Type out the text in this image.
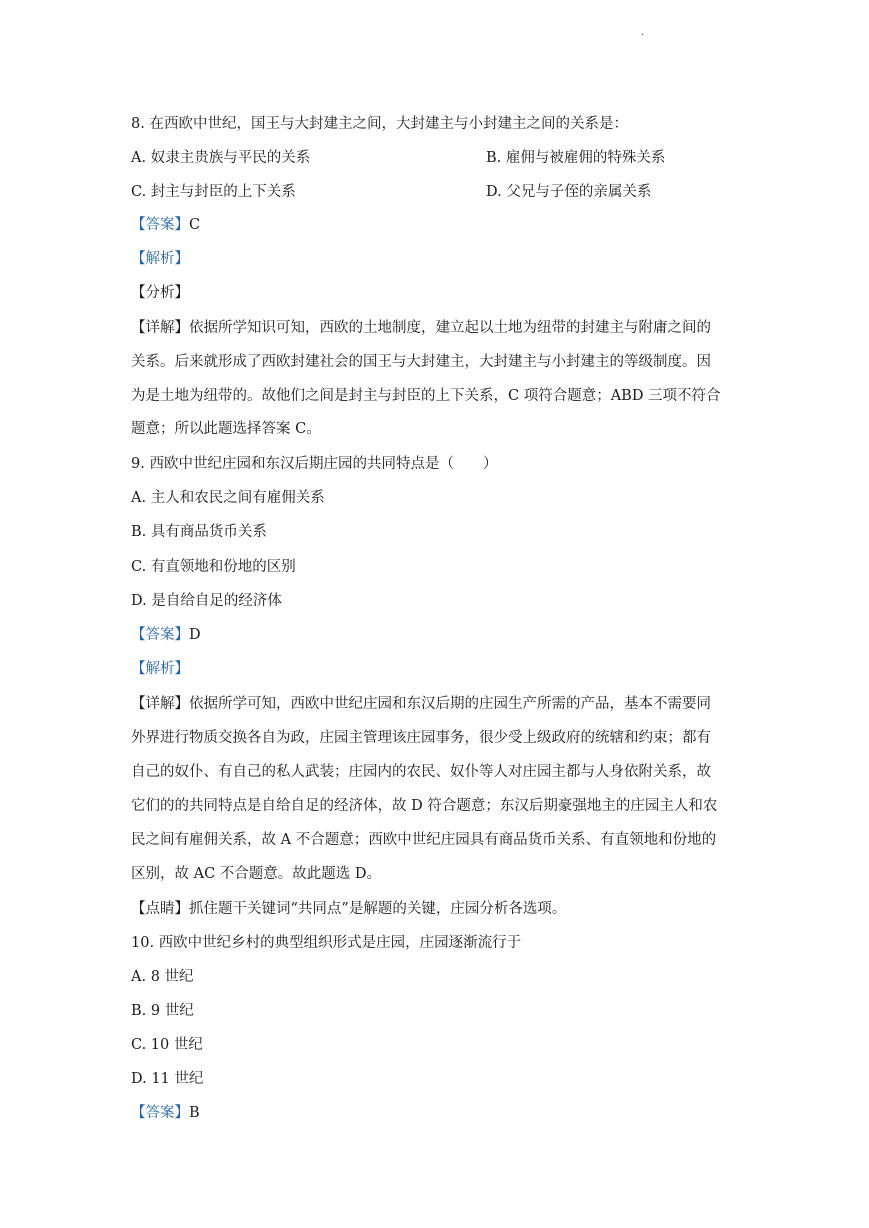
·
8. 在西欧中世纪，国王与大封建主之间，大封建主与小封建主之间的关系是：
A. 奴隶主贵族与平民的关系	B. 雇佣与被雇佣的特殊关系
C. 封主与封臣的上下关系	D. 父兄与子侄的亲属关系
【答案】C
【解析】
【分析】
【详解】依据所学知识可知，西欧的土地制度，建立起以土地为纽带的封建主与附庸之间的
关系。后来就形成了西欧封建社会的国王与大封建主，大封建主与小封建主的等级制度。因
为是土地为纽带的。故他们之间是封主与封臣的上下关系，C 项符合题意；ABD 三项不符合
题意；所以此题选择答案 C。
9. 西欧中世纪庄园和东汉后期庄园的共同特点是（　　）
A. 主人和农民之间有雇佣关系
B. 具有商品货币关系
C. 有直领地和份地的区别
D. 是自给自足的经济体
【答案】D
【解析】
【详解】依据所学可知，西欧中世纪庄园和东汉后期的庄园生产所需的产品，基本不需要同
外界进行物质交换各自为政，庄园主管理该庄园事务，很少受上级政府的统辖和约束；都有
自己的奴仆、有自己的私人武装；庄园内的农民、奴仆等人对庄园主都与人身依附关系，故
它们的的共同特点是自给自足的经济体，故 D 符合题意；东汉后期豪强地主的庄园主人和农
民之间有雇佣关系，故 A 不合题意；西欧中世纪庄园具有商品货币关系、有直领地和份地的
区别，故 AC 不合题意。故此题选 D。
【点睛】抓住题干关键词“共同点”是解题的关键，庄园分析各选项。
10. 西欧中世纪乡村的典型组织形式是庄园，庄园逐渐流行于
A. 8 世纪
B. 9 世纪
C. 10 世纪
D. 11 世纪
【答案】B
